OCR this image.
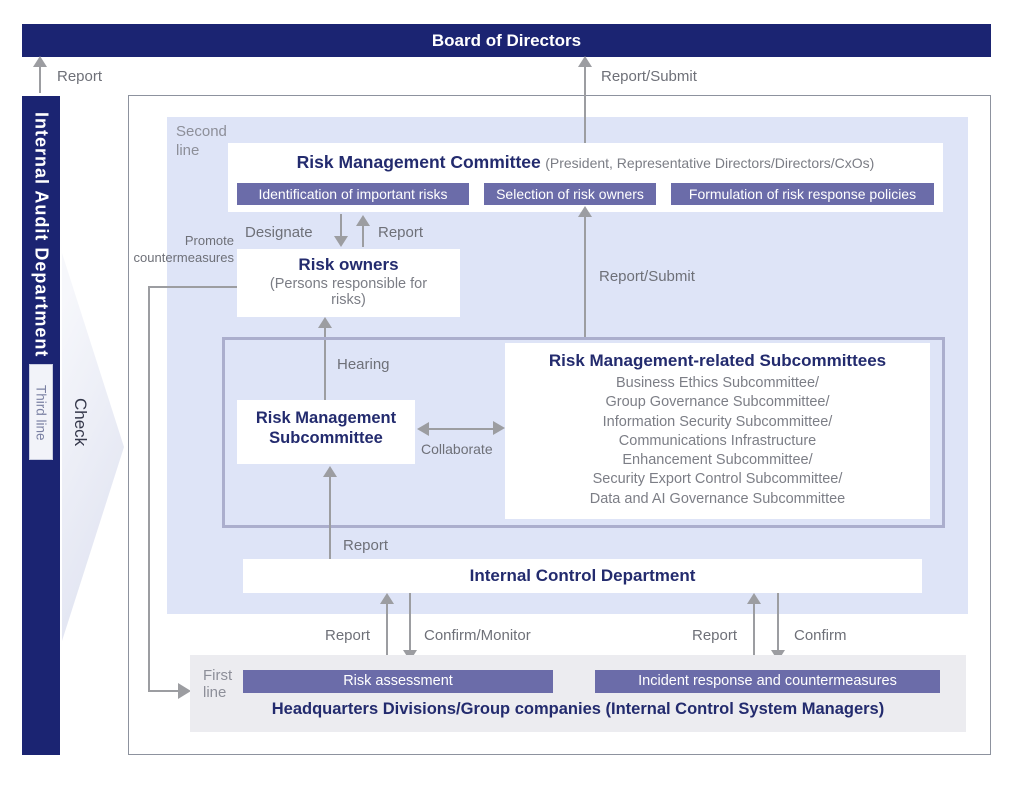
Board of Directors
Report
Internal Audit Department
Third line Check
Second line
Report/Submit
Risk Management Committee (President, Representative Directors/Directors/CxOs)
Identification of important risks	Selection of risk owners	Formulation of risk response policies
Designate	Report
Promote countermeasures	Risk owners
(Persons responsible for risks)
Report/Submit
Hearing
Risk Management Subcommittee
Collaborate
Risk Management-related Subcommittees
Business Ethics Subcommittee/
Group Governance Subcommittee/
Information Security Subcommittee/
Communications Infrastructure
Enhancement Subcommittee/
Security Export Control Subcommittee/
Data and AI Governance Subcommittee
Report
Internal Control Department
Report	Confirm/Monitor	Report	Confirm
First line
Risk assessment	Incident response and countermeasures
Headquarters Divisions/Group companies (Internal Control System Managers)
